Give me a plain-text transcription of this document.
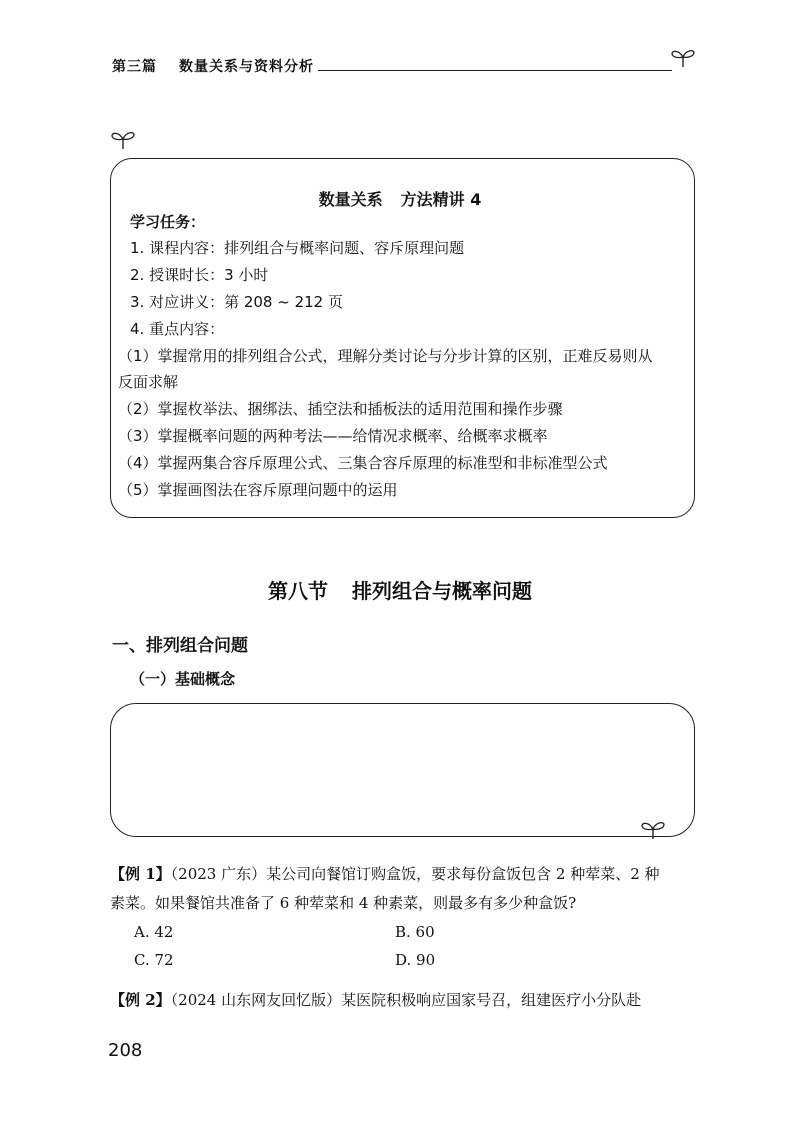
第三篇 数量关系与资料分析
数量关系 方法精讲 4
学习任务：
1. 课程内容：排列组合与概率问题、容斥原理问题
2. 授课时长：3 小时
3. 对应讲义：第 208 ~ 212 页
4. 重点内容：
（1）掌握常用的排列组合公式，理解分类讨论与分步计算的区别，正难反易则从
反面求解
（2）掌握枚举法、捆绑法、插空法和插板法的适用范围和操作步骤
（3）掌握概率问题的两种考法——给情况求概率、给概率求概率
（4）掌握两集合容斥原理公式、三集合容斥原理的标准型和非标准型公式
（5）掌握画图法在容斥原理问题中的运用
第八节 排列组合与概率问题
一、排列组合问题
（一）基础概念
【例 1】（2023 广东）某公司向餐馆订购盒饭，要求每份盒饭包含 2 种荤菜、2 种
素菜。如果餐馆共准备了 6 种荤菜和 4 种素菜，则最多有多少种盒饭?
A. 42	B. 60
C. 72	D. 90
【例 2】（2024 山东网友回忆版）某医院积极响应国家号召，组建医疗小分队赴
208
